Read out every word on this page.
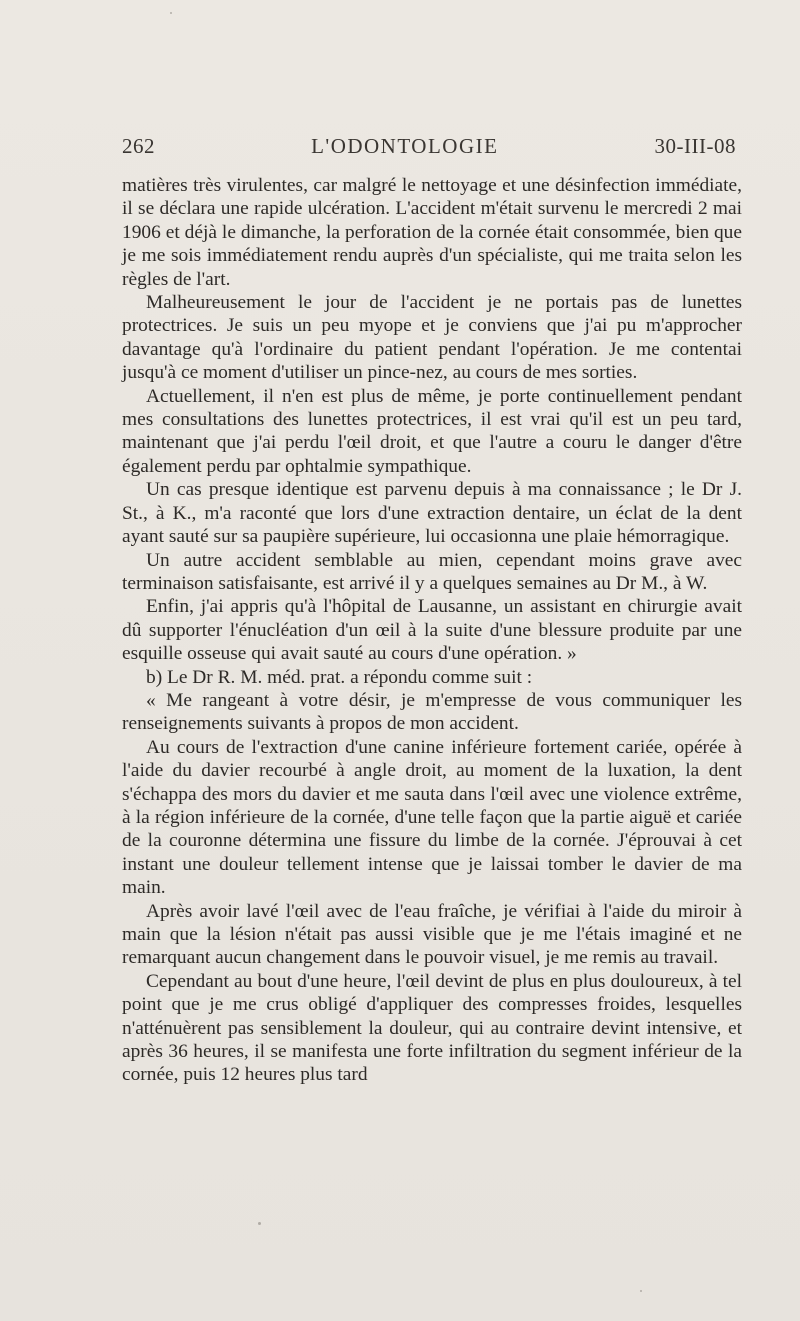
262	L'ODONTOLOGIE	30-III-08

matières très virulentes, car malgré le nettoyage et une désinfection immédiate, il se déclara une rapide ulcération. L'accident m'était survenu le mercredi 2 mai 1906 et déjà le dimanche, la perforation de la cornée était consommée, bien que je me sois immédiatement rendu auprès d'un spécialiste, qui me traita selon les règles de l'art.

Malheureusement le jour de l'accident je ne portais pas de lunettes protectrices. Je suis un peu myope et je conviens que j'ai pu m'approcher davantage qu'à l'ordinaire du patient pendant l'opération. Je me contentai jusqu'à ce moment d'utiliser un pince-nez, au cours de mes sorties.

Actuellement, il n'en est plus de même, je porte continuellement pendant mes consultations des lunettes protectrices, il est vrai qu'il est un peu tard, maintenant que j'ai perdu l'œil droit, et que l'autre a couru le danger d'être également perdu par ophtalmie sympathique.

Un cas presque identique est parvenu depuis à ma connaissance ; le Dr J. St., à K., m'a raconté que lors d'une extraction dentaire, un éclat de la dent ayant sauté sur sa paupière supérieure, lui occasionna une plaie hémorragique.

Un autre accident semblable au mien, cependant moins grave avec terminaison satisfaisante, est arrivé il y a quelques semaines au Dr M., à W.

Enfin, j'ai appris qu'à l'hôpital de Lausanne, un assistant en chirurgie avait dû supporter l'énucléation d'un œil à la suite d'une blessure produite par une esquille osseuse qui avait sauté au cours d'une opération. »

b) Le Dr R. M. méd. prat. a répondu comme suit :

« Me rangeant à votre désir, je m'empresse de vous communiquer les renseignements suivants à propos de mon accident.

Au cours de l'extraction d'une canine inférieure fortement cariée, opérée à l'aide du davier recourbé à angle droit, au moment de la luxation, la dent s'échappa des mors du davier et me sauta dans l'œil avec une violence extrême, à la région inférieure de la cornée, d'une telle façon que la partie aiguë et cariée de la couronne détermina une fissure du limbe de la cornée. J'éprouvai à cet instant une douleur tellement intense que je laissai tomber le davier de ma main.

Après avoir lavé l'œil avec de l'eau fraîche, je vérifiai à l'aide du miroir à main que la lésion n'était pas aussi visible que je me l'étais imaginé et ne remarquant aucun changement dans le pouvoir visuel, je me remis au travail.

Cependant au bout d'une heure, l'œil devint de plus en plus douloureux, à tel point que je me crus obligé d'appliquer des compresses froides, lesquelles n'atténuèrent pas sensiblement la douleur, qui au contraire devint intensive, et après 36 heures, il se manifesta une forte infiltration du segment inférieur de la cornée, puis 12 heures plus tard
